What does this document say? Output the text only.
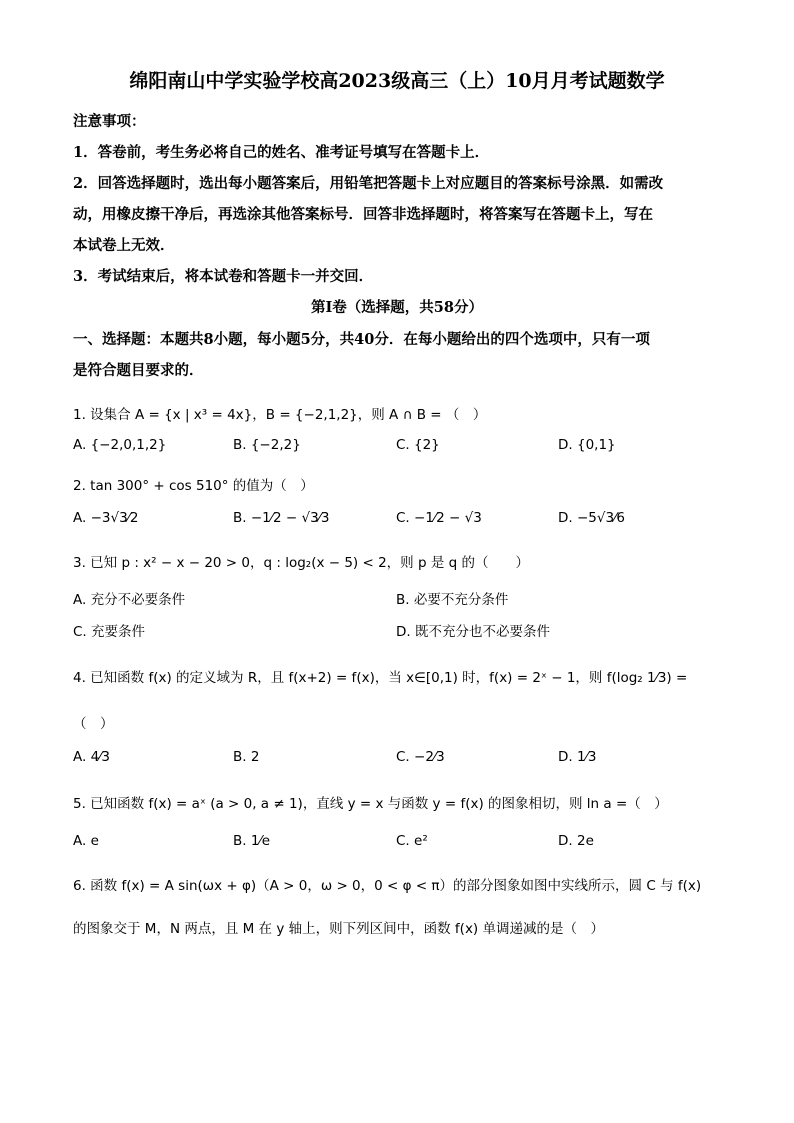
绵阳南山中学实验学校高2023级高三（上）10月月考试题数学
注意事项：
1．答卷前，考生务必将自己的姓名、准考证号填写在答题卡上．
2．回答选择题时，选出每小题答案后，用铅笔把答题卡上对应题目的答案标号涂黑．如需改
动，用橡皮擦干净后，再选涂其他答案标号．回答非选择题时，将答案写在答题卡上，写在
本试卷上无效．
3．考试结束后，将本试卷和答题卡一并交回．
第Ⅰ卷（选择题，共58分）
一、选择题：本题共8小题，每小题5分，共40分．在每小题给出的四个选项中，只有一项
是符合题目要求的．
1. 设集合 A = {x | x³ = 4x}，B = {−2,1,2}，则 A ∩ B = （　）
A. {−2,0,1,2}	B. {−2,2}	C. {2}	D. {0,1}
2. tan 300° + cos 510° 的值为（　）
A. −3√3⁄2	B. −1⁄2 − √3⁄3	C. −1⁄2 − √3	D. −5√3⁄6
3. 已知 p : x² − x − 20 > 0，q : log₂(x − 5) < 2，则 p 是 q 的（　　）
A. 充分不必要条件	B. 必要不充分条件
C. 充要条件	D. 既不充分也不必要条件
4. 已知函数 f(x) 的定义域为 R，且 f(x+2) = f(x)，当 x∈[0,1) 时，f(x) = 2ˣ − 1，则 f(log₂ 1⁄3) =
（　）
A. 4⁄3	B. 2	C. −2⁄3	D. 1⁄3
5. 已知函数 f(x) = aˣ (a > 0, a ≠ 1)，直线 y = x 与函数 y = f(x) 的图象相切，则 ln a =（　）
A. e	B. 1⁄e	C. e²	D. 2e
6. 函数 f(x) = A sin(ωx + φ)（A > 0，ω > 0，0 < φ < π）的部分图象如图中实线所示，圆 C 与 f(x)
的图象交于 M，N 两点，且 M 在 y 轴上，则下列区间中，函数 f(x) 单调递减的是（　）
